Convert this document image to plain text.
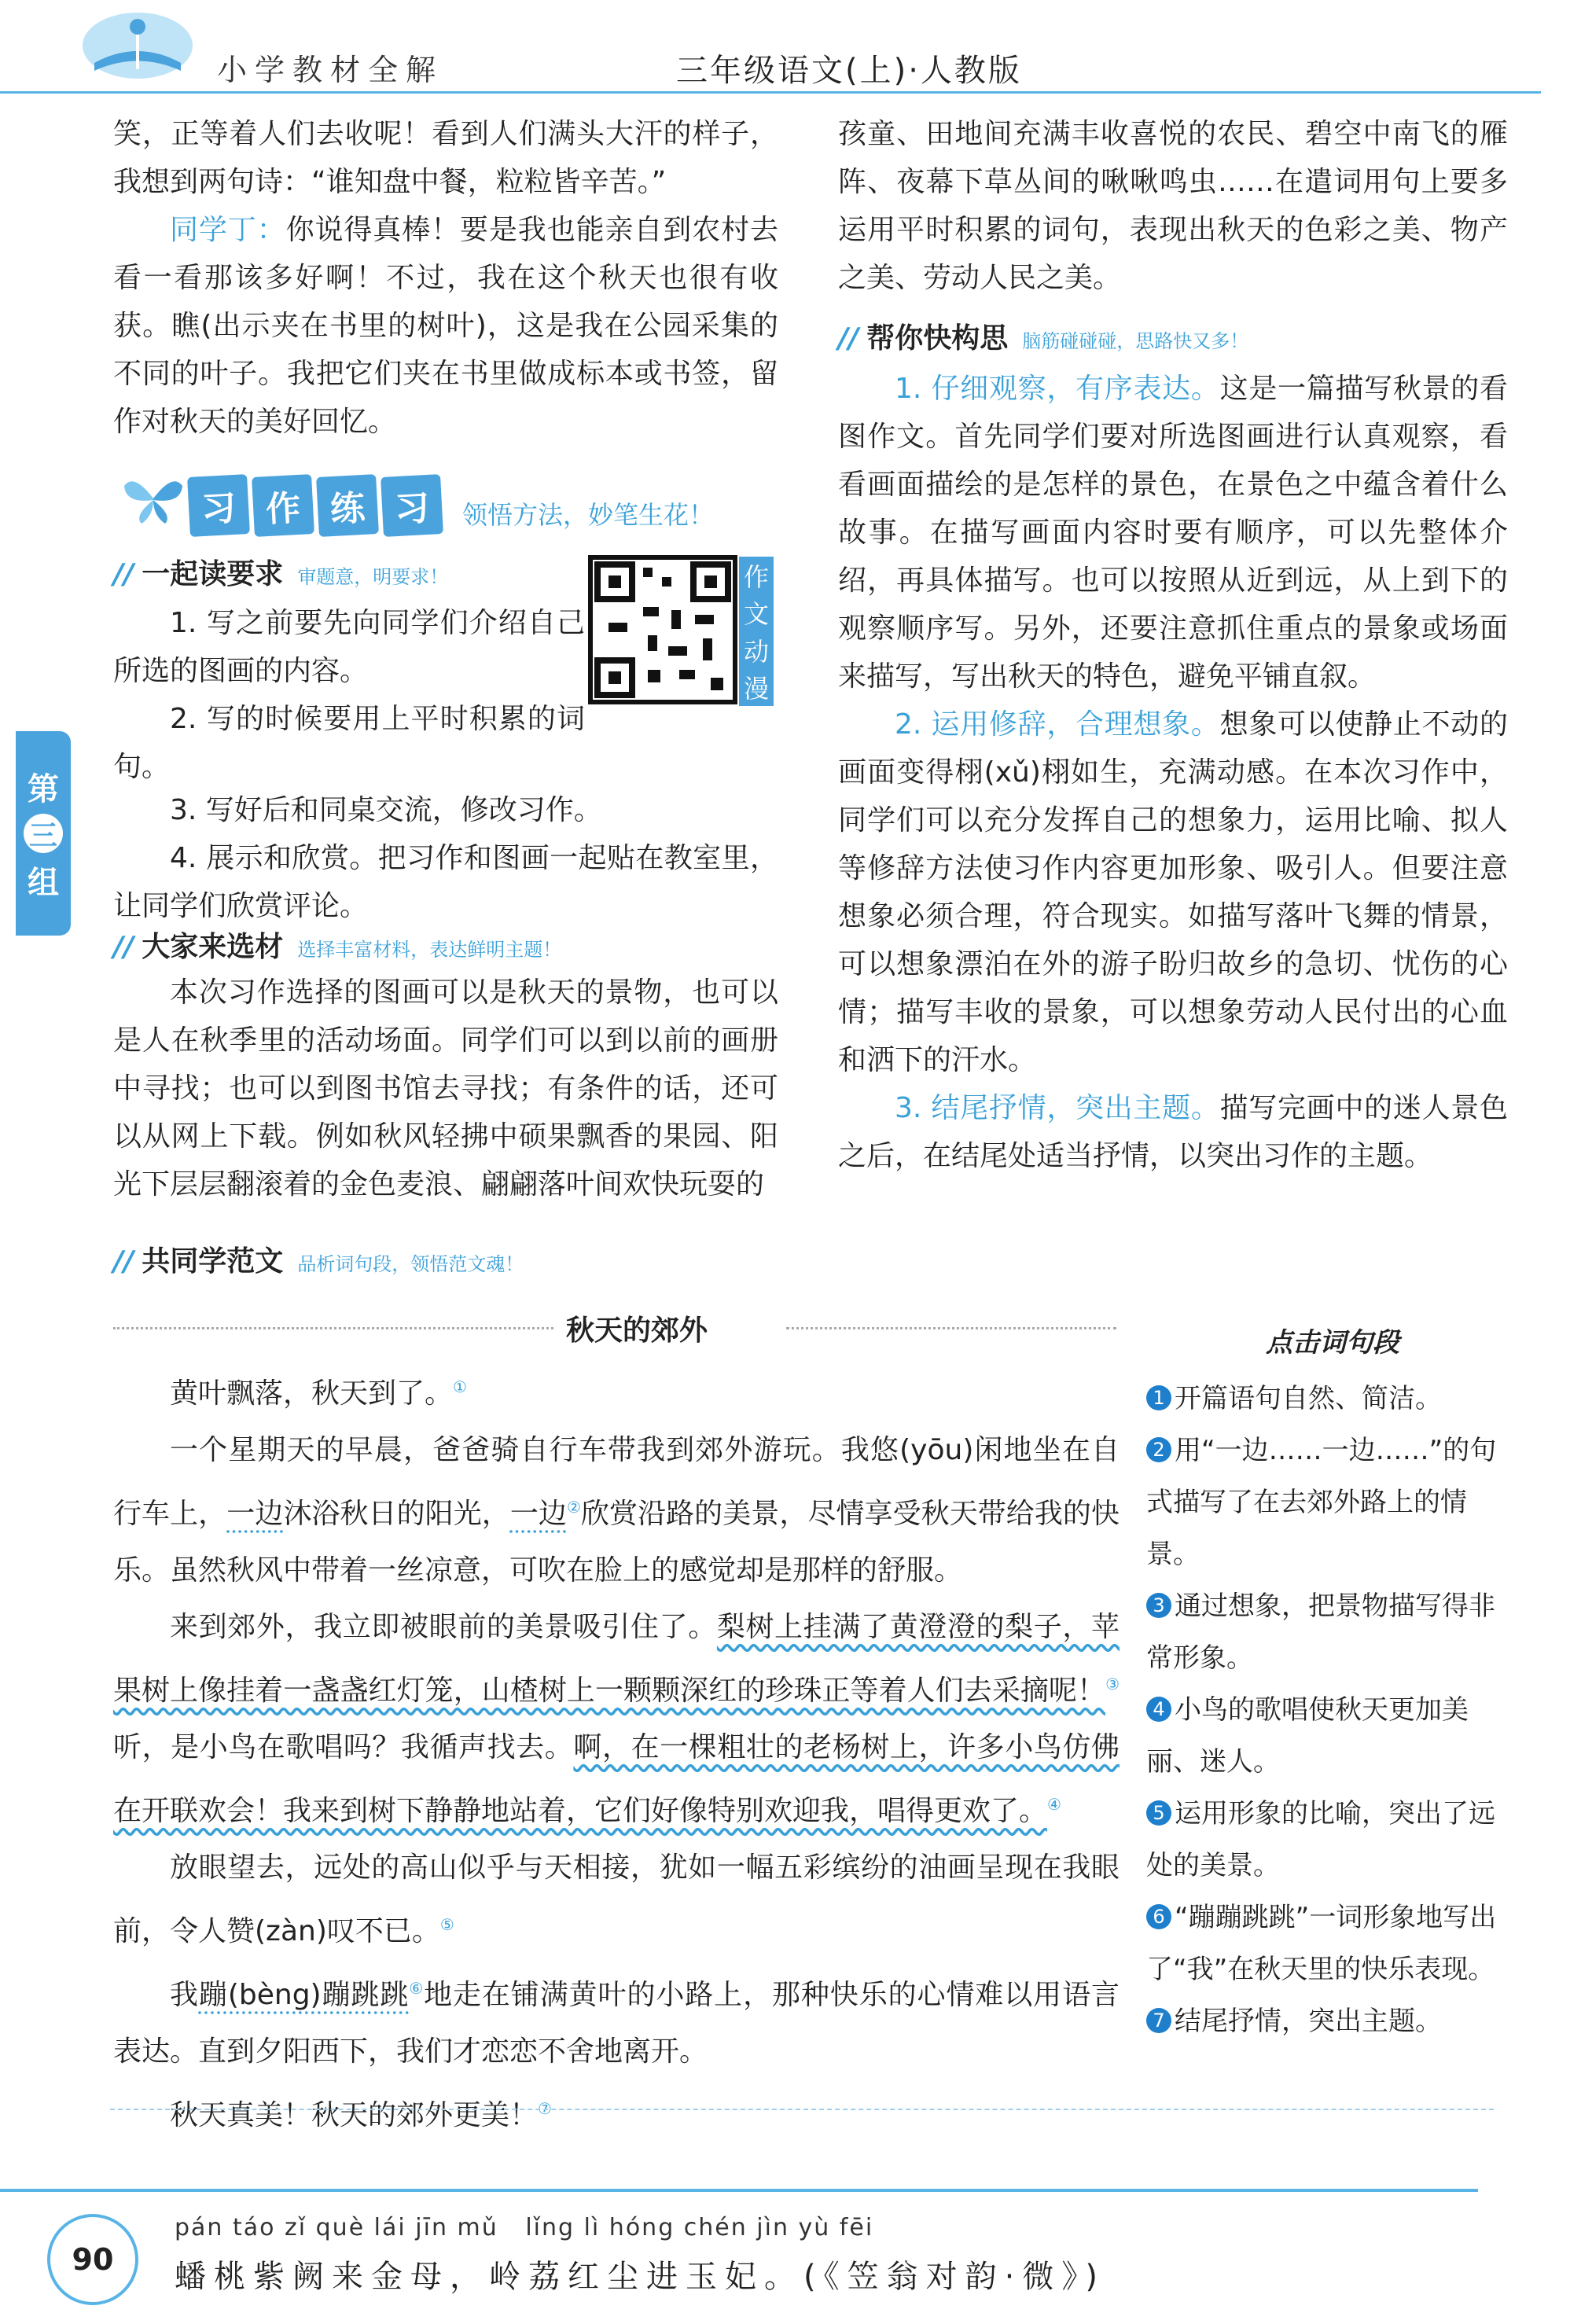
小学教材全解	三年级语文(上)·人教版
第
三
组

笑，正等着人们去收呢！看到人们满头大汗的样子，我想到两句诗：“谁知盘中餐，粒粒皆辛苦。”

同学丁：你说得真棒！要是我也能亲自到农村去看一看那该多好啊！不过，我在这个秋天也很有收获。瞧(出示夹在书里的树叶)，这是我在公园采集的不同的叶子。我把它们夹在书里做成标本或书签，留作对秋天的美好回忆。

习 作 练 习	领悟方法，妙笔生花！
// 一起读要求 审题意，明要求！	作
文
动
漫

1. 写之前要先向同学们介绍自己所选的图画的内容。

2. 写的时候要用上平时积累的词句。

3. 写好后和同桌交流，修改习作。

4. 展示和欣赏。把习作和图画一起贴在教室里，让同学们欣赏评论。

// 大家来选材 选择丰富材料，表达鲜明主题！

本次习作选择的图画可以是秋天的景物，也可以是人在秋季里的活动场面。同学们可以到以前的画册中寻找；也可以到图书馆去寻找；有条件的话，还可以从网上下载。例如秋风轻拂中硕果飘香的果园、阳光下层层翻滚着的金色麦浪、翩翩落叶间欢快玩耍的

孩童、田地间充满丰收喜悦的农民、碧空中南飞的雁阵、夜幕下草丛间的啾啾鸣虫……在遣词用句上要多运用平时积累的词句，表现出秋天的色彩之美、物产之美、劳动人民之美。

// 帮你快构思 脑筋碰碰碰，思路快又多！

1. 仔细观察，有序表达。这是一篇描写秋景的看图作文。首先同学们要对所选图画进行认真观察，看看画面描绘的是怎样的景色，在景色之中蕴含着什么故事。在描写画面内容时要有顺序，可以先整体介绍，再具体描写。也可以按照从近到远，从上到下的观察顺序写。另外，还要注意抓住重点的景象或场面来描写，写出秋天的特色，避免平铺直叙。

2. 运用修辞，合理想象。想象可以使静止不动的画面变得栩(xǔ)栩如生，充满动感。在本次习作中，同学们可以充分发挥自己的想象力，运用比喻、拟人等修辞方法使习作内容更加形象、吸引人。但要注意想象必须合理，符合现实。如描写落叶飞舞的情景，可以想象漂泊在外的游子盼归故乡的急切、忧伤的心情；描写丰收的景象，可以想象劳动人民付出的心血和洒下的汗水。

3. 结尾抒情，突出主题。描写完画中的迷人景色之后，在结尾处适当抒情，以突出习作的主题。

// 共同学范文 品析词句段，领悟范文魂！
秋天的郊外

黄叶飘落，秋天到了。①

一个星期天的早晨，爸爸骑自行车带我到郊外游玩。我悠(yōu)闲地坐在自行车上，一边沐浴秋日的阳光，一边②欣赏沿路的美景，尽情享受秋天带给我的快乐。虽然秋风中带着一丝凉意，可吹在脸上的感觉却是那样的舒服。

来到郊外，我立即被眼前的美景吸引住了。梨树上挂满了黄澄澄的梨子，苹果树上像挂着一盏盏红灯笼，山楂树上一颗颗深红的珍珠正等着人们去采摘呢！③听，是小鸟在歌唱吗？我循声找去。啊，在一棵粗壮的老杨树上，许多小鸟仿佛在开联欢会！我来到树下静静地站着，它们好像特别欢迎我，唱得更欢了。④

放眼望去，远处的高山似乎与天相接，犹如一幅五彩缤纷的油画呈现在我眼前，令人赞(zàn)叹不已。⑤

我蹦(bèng)蹦跳跳⑥地走在铺满黄叶的小路上，那种快乐的心情难以用语言表达。直到夕阳西下，我们才恋恋不舍地离开。

秋天真美！秋天的郊外更美！⑦

点击词句段

1 开篇语句自然、简洁。

2 用“一边……一边……”的句式描写了在去郊外路上的情景。

3 通过想象，把景物描写得非常形象。

4 小鸟的歌唱使秋天更加美丽、迷人。

5 运用形象的比喻，突出了远处的美景。

6 “蹦蹦跳跳”一词形象地写出了“我”在秋天里的快乐表现。

7 结尾抒情，突出主题。

90
pán táo zǐ què lái jīn mǔ   lǐng lì hóng chén jìn yù fēi
蟠桃紫阙来金母，岭荔红尘进玉妃。(《笠翁对韵·微》)
